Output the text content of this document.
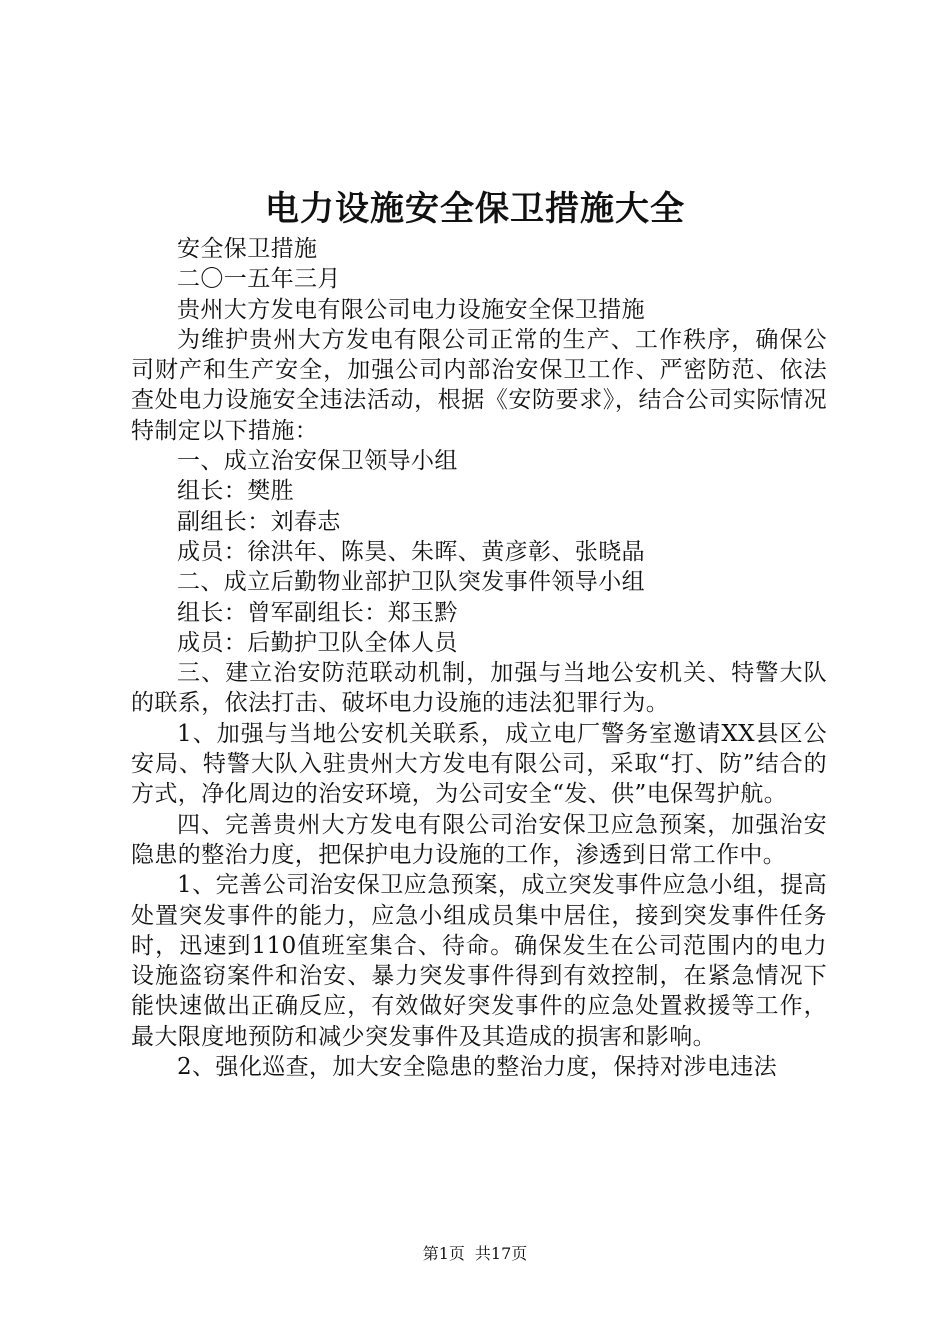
电力设施安全保卫措施大全

安全保卫措施

二〇一五年三月

贵州大方发电有限公司电力设施安全保卫措施

为维护贵州大方发电有限公司正常的生产、工作秩序，确保公司财产和生产安全，加强公司内部治安保卫工作、严密防范、依法查处电力设施安全违法活动，根据《安防要求》，结合公司实际情况特制定以下措施：

一、成立治安保卫领导小组

组长：樊胜

副组长：刘春志

成员：徐洪年、陈昊、朱晖、黄彦彰、张晓晶

二、成立后勤物业部护卫队突发事件领导小组

组长：曾军副组长：郑玉黔

成员：后勤护卫队全体人员

三、建立治安防范联动机制，加强与当地公安机关、特警大队的联系，依法打击、破坏电力设施的违法犯罪行为。

1、加强与当地公安机关联系，成立电厂警务室邀请XX县区公安局、特警大队入驻贵州大方发电有限公司，采取“打、防”结合的方式，净化周边的治安环境，为公司安全“发、供”电保驾护航。

四、完善贵州大方发电有限公司治安保卫应急预案，加强治安隐患的整治力度，把保护电力设施的工作，渗透到日常工作中。

1、完善公司治安保卫应急预案，成立突发事件应急小组，提高处置突发事件的能力，应急小组成员集中居住，接到突发事件任务时，迅速到110值班室集合、待命。确保发生在公司范围内的电力设施盗窃案件和治安、暴力突发事件得到有效控制，在紧急情况下能快速做出正确反应，有效做好突发事件的应急处置救援等工作，最大限度地预防和减少突发事件及其造成的损害和影响。

2、强化巡查，加大安全隐患的整治力度，保持对涉电违法

第1页 共17页
